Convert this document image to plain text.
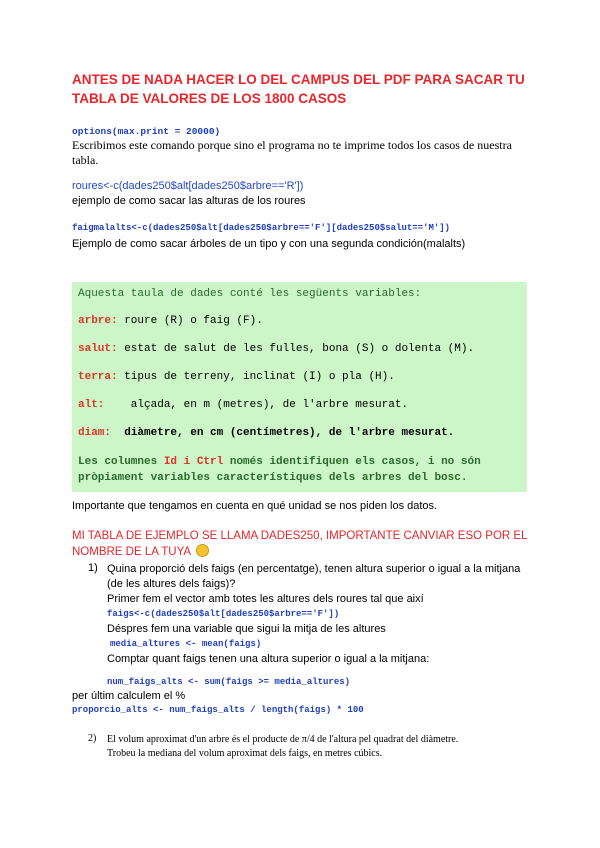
ANTES DE NADA HACER LO DEL CAMPUS DEL PDF PARA SACAR TU
TABLA DE VALORES DE LOS 1800 CASOS
options(max.print = 20000)
Escribimos este comando porque sino el programa no te imprime todos los casos de nuestra
tabla.
roures<-c(dades250$alt[dades250$arbre=='R'])
ejemplo de como sacar las alturas de los roures
faigmalalts<-c(dades250$alt[dades250$arbre=='F'][dades250$salut=='M'])
Ejemplo de como sacar árboles de un tipo y con una segunda condición(malalts)
Aquesta taula de dades conté les següents variables:
arbre: roure (R) o faig (F).
salut: estat de salut de les fulles, bona (S) o dolenta (M).
terra: tipus de terreny, inclinat (I) o pla (H).
alt:    alçada, en m (metres), de l'arbre mesurat.
diam:  diàmetre, en cm (centímetres), de l'arbre mesurat.
Les columnes Id i Ctrl només identifiquen els casos, i no són
pròpiament variables característiques dels arbres del bosc.
Importante que tengamos en cuenta en qué unidad se nos piden los datos.
MI TABLA DE EJEMPLO SE LLAMA DADES250, IMPORTANTE CANVIAR ESO POR EL
NOMBRE DE LA TUYA
1) Quina proporció dels faigs (en percentatge), tenen altura superior o igual a la mitjana
(de les altures dels faigs)?
Primer fem el vector amb totes les altures dels roures tal que així
faigs<-c(dades250$alt[dades250$arbre=='F'])
Déspres fem una variable que sigui la mitja de les altures
media_altures <- mean(faigs)
Comptar quant faigs tenen una altura superior o igual a la mitjana:
num_faigs_alts <- sum(faigs >= media_altures)
per últim calculem el %
proporcio_alts <- num_faigs_alts / length(faigs) * 100
2) El volum aproximat d'un arbre és el producte de π/4 de l'altura pel quadrat del diàmetre.
Trobeu la mediana del volum aproximat dels faigs, en metres cúbics.
